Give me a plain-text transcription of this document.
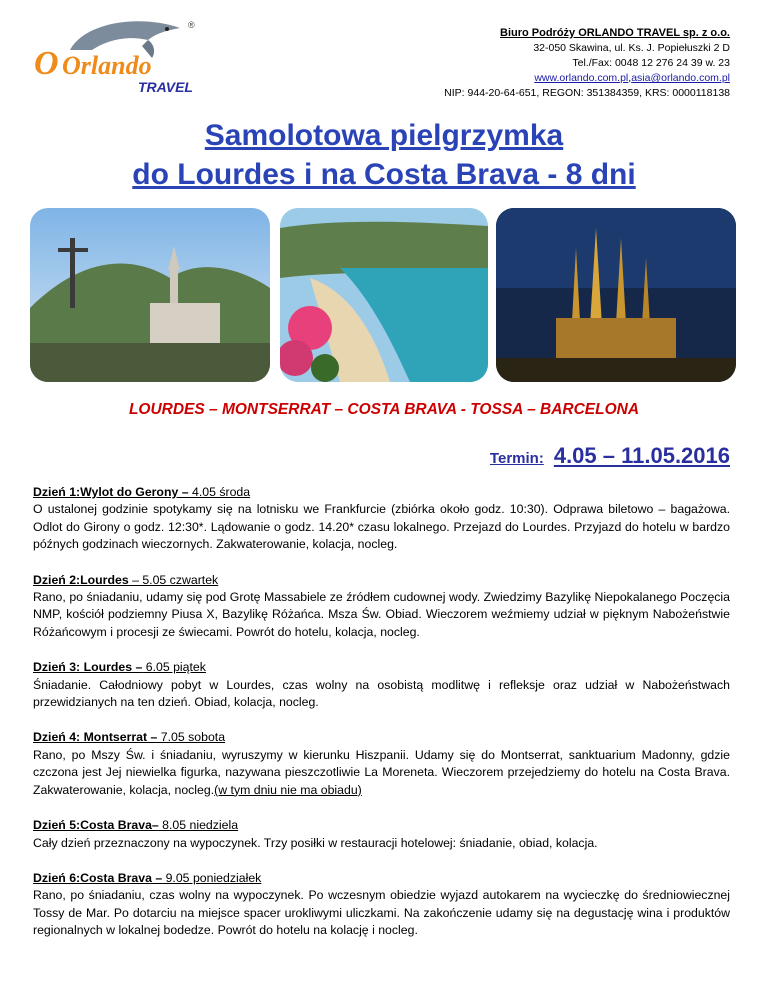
O Orlando
TRAVEL
®
Biuro Podróży ORLANDO TRAVEL sp. z o.o.
32-050 Skawina, ul. Ks. J. Popiełuszki 2 D
Tel./Fax: 0048 12 276 24 39 w. 23
www.orlando.com.pl,asia@orlando.com.pl
NIP: 944-20-64-651, REGON: 351384359, KRS: 0000118138
Samolotowa pielgrzymka
do Lourdes i na Costa Brava - 8 dni
LOURDES – MONTSERRAT – COSTA BRAVA - TOSSA – BARCELONA
Termin: 4.05 – 11.05.2016
Dzień 1:Wylot do Gerony – 4.05 środa
O ustalonej godzinie spotykamy się na lotnisku we Frankfurcie (zbiórka około godz. 10:30). Odprawa biletowo – bagażowa. Odlot do Girony o godz. 12:30*. Lądowanie o godz. 14.20* czasu lokalnego. Przejazd do Lourdes. Przyjazd do hotelu w bardzo późnych godzinach wieczornych. Zakwaterowanie, kolacja, nocleg.
Dzień 2:Lourdes – 5.05 czwartek
Rano, po śniadaniu, udamy się pod Grotę Massabiele ze źródłem cudownej wody. Zwiedzimy Bazylikę Niepokalanego Poczęcia NMP, kościół podziemny Piusa X, Bazylikę Różańca. Msza Św. Obiad. Wieczorem weźmiemy udział w pięknym Nabożeństwie Różańcowym i procesji ze świecami. Powrót do hotelu, kolacja, nocleg.
Dzień 3: Lourdes – 6.05 piątek
Śniadanie. Całodniowy pobyt w Lourdes, czas wolny na osobistą modlitwę i refleksje oraz udział w Nabożeństwach przewidzianych na ten dzień. Obiad, kolacja, nocleg.
Dzień 4: Montserrat – 7.05 sobota
Rano, po Mszy Św. i śniadaniu, wyruszymy w kierunku Hiszpanii. Udamy się do Montserrat, sanktuarium Madonny, gdzie czczona jest Jej niewielka figurka, nazywana pieszczotliwie La Moreneta. Wieczorem przejedziemy do hotelu na Costa Brava. Zakwaterowanie, kolacja, nocleg.(w tym dniu nie ma obiadu)
Dzień 5:Costa Brava– 8.05 niedziela
Cały dzień przeznaczony na wypoczynek. Trzy posiłki w restauracji hotelowej: śniadanie, obiad, kolacja.
Dzień 6:Costa Brava – 9.05 poniedziałek
Rano, po śniadaniu, czas wolny na wypoczynek. Po wczesnym obiedzie wyjazd autokarem na wycieczkę do średniowiecznej Tossy de Mar. Po dotarciu na miejsce spacer urokliwymi uliczkami. Na zakończenie udamy się na degustację wina i produktów regionalnych w lokalnej bodedze. Powrót do hotelu na kolację i nocleg.
